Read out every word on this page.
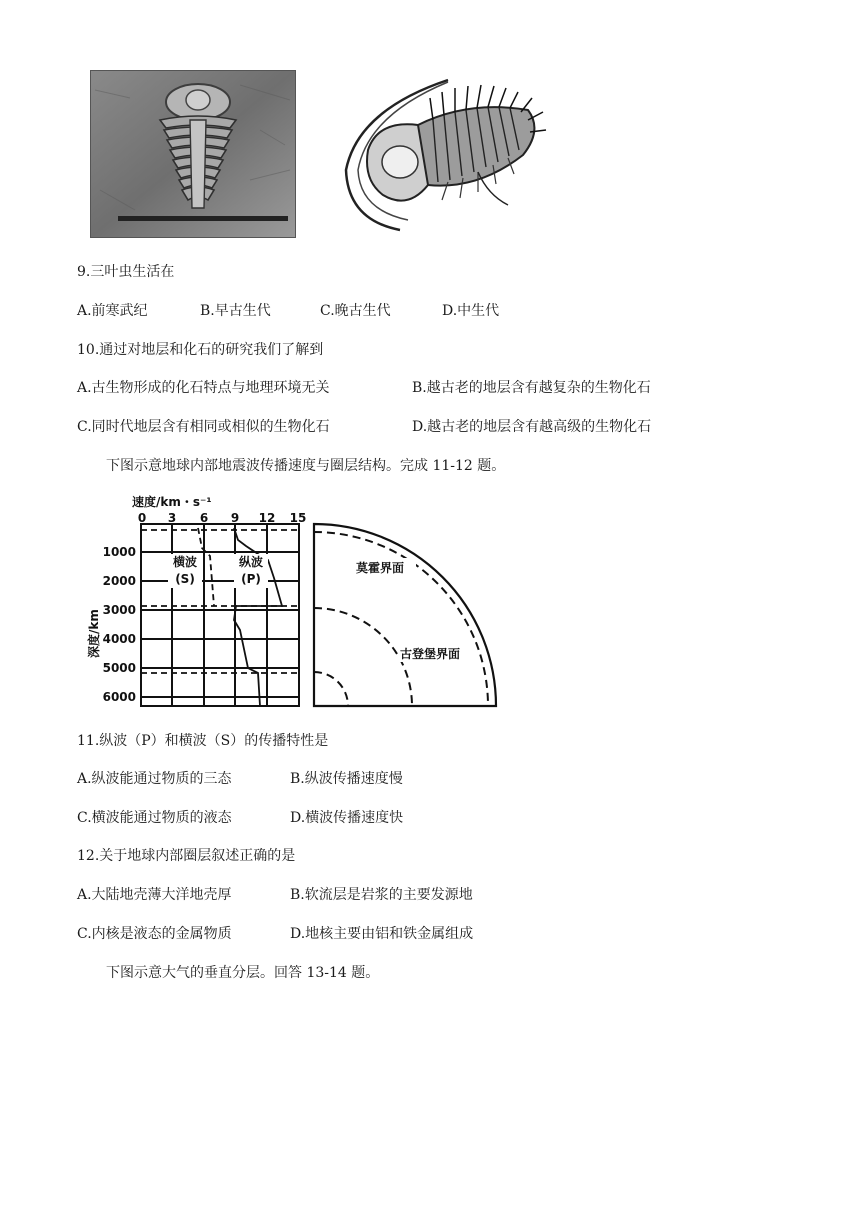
9.三叶虫生活在
A.前寒武纪	B.早古生代	C.晚古生代	D.中生代
10.通过对地层和化石的研究我们了解到
A.古生物形成的化石特点与地理环境无关	B.越古老的地层含有越复杂的生物化石
C.同时代地层含有相同或相似的生物化石	D.越古老的地层含有越高级的生物化石
下图示意地球内部地震波传播速度与圈层结构。完成 11-12 题。
速度/km・s⁻¹
0 3 6 9 12 15
深度/km
1000
2000
3000
4000
5000
6000
横波
(S)
纵波
(P)
莫霍界面
古登堡界面
11.纵波（P）和横波（S）的传播特性是
A.纵波能通过物质的三态	B.纵波传播速度慢
C.横波能通过物质的液态	D.横波传播速度快
12.关于地球内部圈层叙述正确的是
A.大陆地壳薄大洋地壳厚	B.软流层是岩浆的主要发源地
C.内核是液态的金属物质	D.地核主要由铝和铁金属组成
下图示意大气的垂直分层。回答 13-14 题。
